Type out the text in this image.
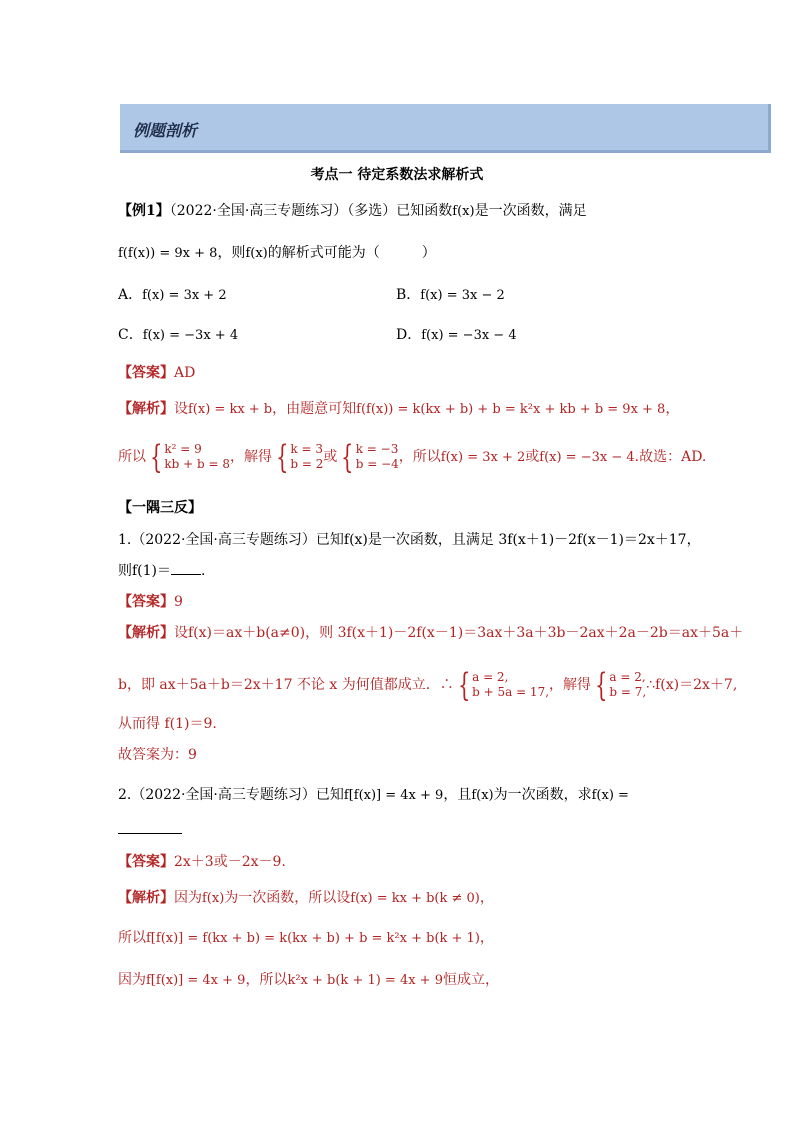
例题剖析
考点一 待定系数法求解析式
【例1】（2022·全国·高三专题练习）（多选）已知函数f(x)是一次函数，满足
f(f(x)) = 9x + 8，则f(x)的解析式可能为（　　　）
A．f(x) = 3x + 2	B．f(x) = 3x − 2
C．f(x) = −3x + 4	D．f(x) = −3x − 4
【答案】AD
【解析】设f(x) = kx + b，由题意可知f(f(x)) = k(kx + b) + b = k²x + kb + b = 9x + 8，
所以 { k² = 9
kb + b = 8 ，解得 { k = 3
b = 2 或 { k = −3
b = −4 ，所以f(x) = 3x + 2或f(x) = −3x − 4.故选：AD.
【一隅三反】
1.（2022·全国·高三专题练习）已知f(x)是一次函数，且满足 3f(x＋1)－2f(x－1)＝2x＋17，
则f(1)＝ .
【答案】9
【解析】设f(x)＝ax＋b(a≠0)，则 3f(x＋1)－2f(x－1)＝3ax＋3a＋3b－2ax＋2a－2b＝ax＋5a＋
b，即 ax＋5a＋b＝2x＋17 不论 x 为何值都成立．∴ { a = 2,
b + 5a = 17, ，解得 { a = 2,
b = 7, ∴f(x)＝2x＋7,
从而得 f(1)＝9.
故答案为：9
2.（2022·全国·高三专题练习）已知f[f(x)] = 4x + 9，且f(x)为一次函数，求f(x) =
【答案】2x＋3或－2x－9.
【解析】因为f(x)为一次函数，所以设f(x) = kx + b(k ≠ 0)，
所以f[f(x)] = f(kx + b) = k(kx + b) + b = k²x + b(k + 1)，
因为f[f(x)] = 4x + 9，所以k²x + b(k + 1) = 4x + 9恒成立，
